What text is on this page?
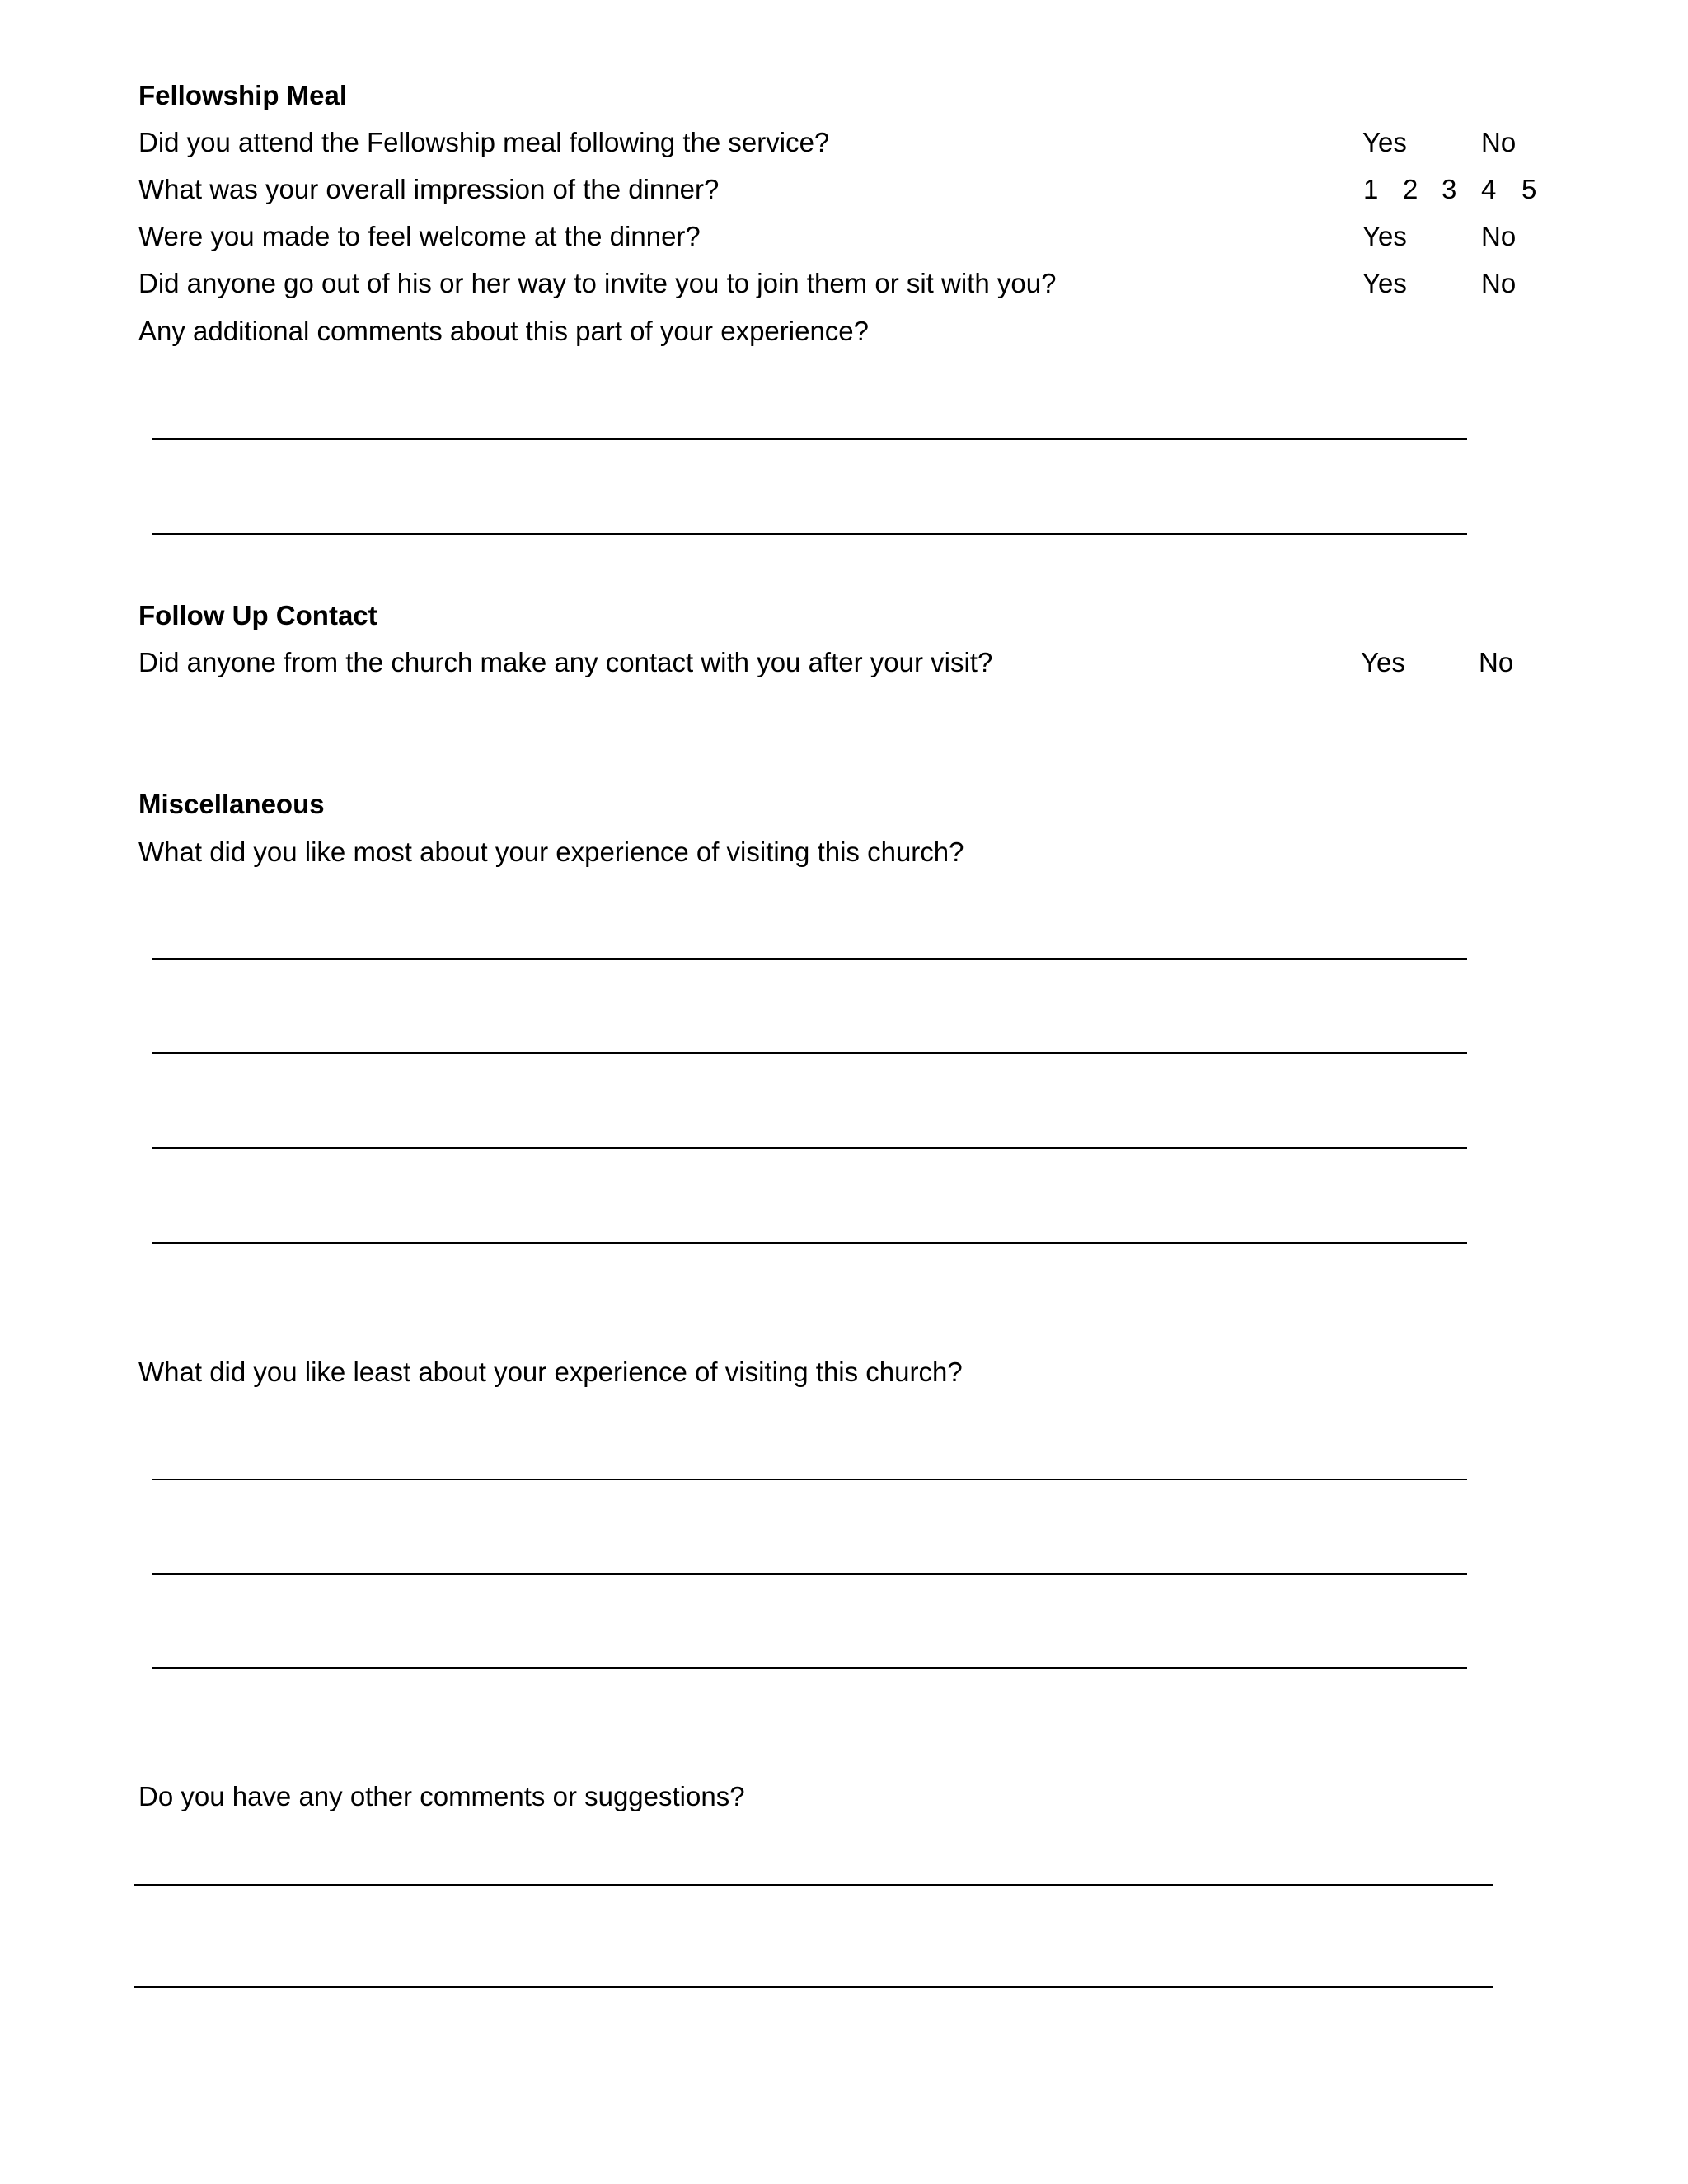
Fellowship Meal
Did you attend the Fellowship meal following the service?	Yes	No
What was your overall impression of the dinner?	1 2 3 4 5
Were you made to feel welcome at the dinner?	Yes	No
Did anyone go out of his or her way to invite you to join them or sit with you?	Yes	No
Any additional comments about this part of your experience?
Follow Up Contact
Did anyone from the church make any contact with you after your visit?	Yes	No
Miscellaneous
What did you like most about your experience of visiting this church?
What did you like least about your experience of visiting this church?
Do you have any other comments or suggestions?
